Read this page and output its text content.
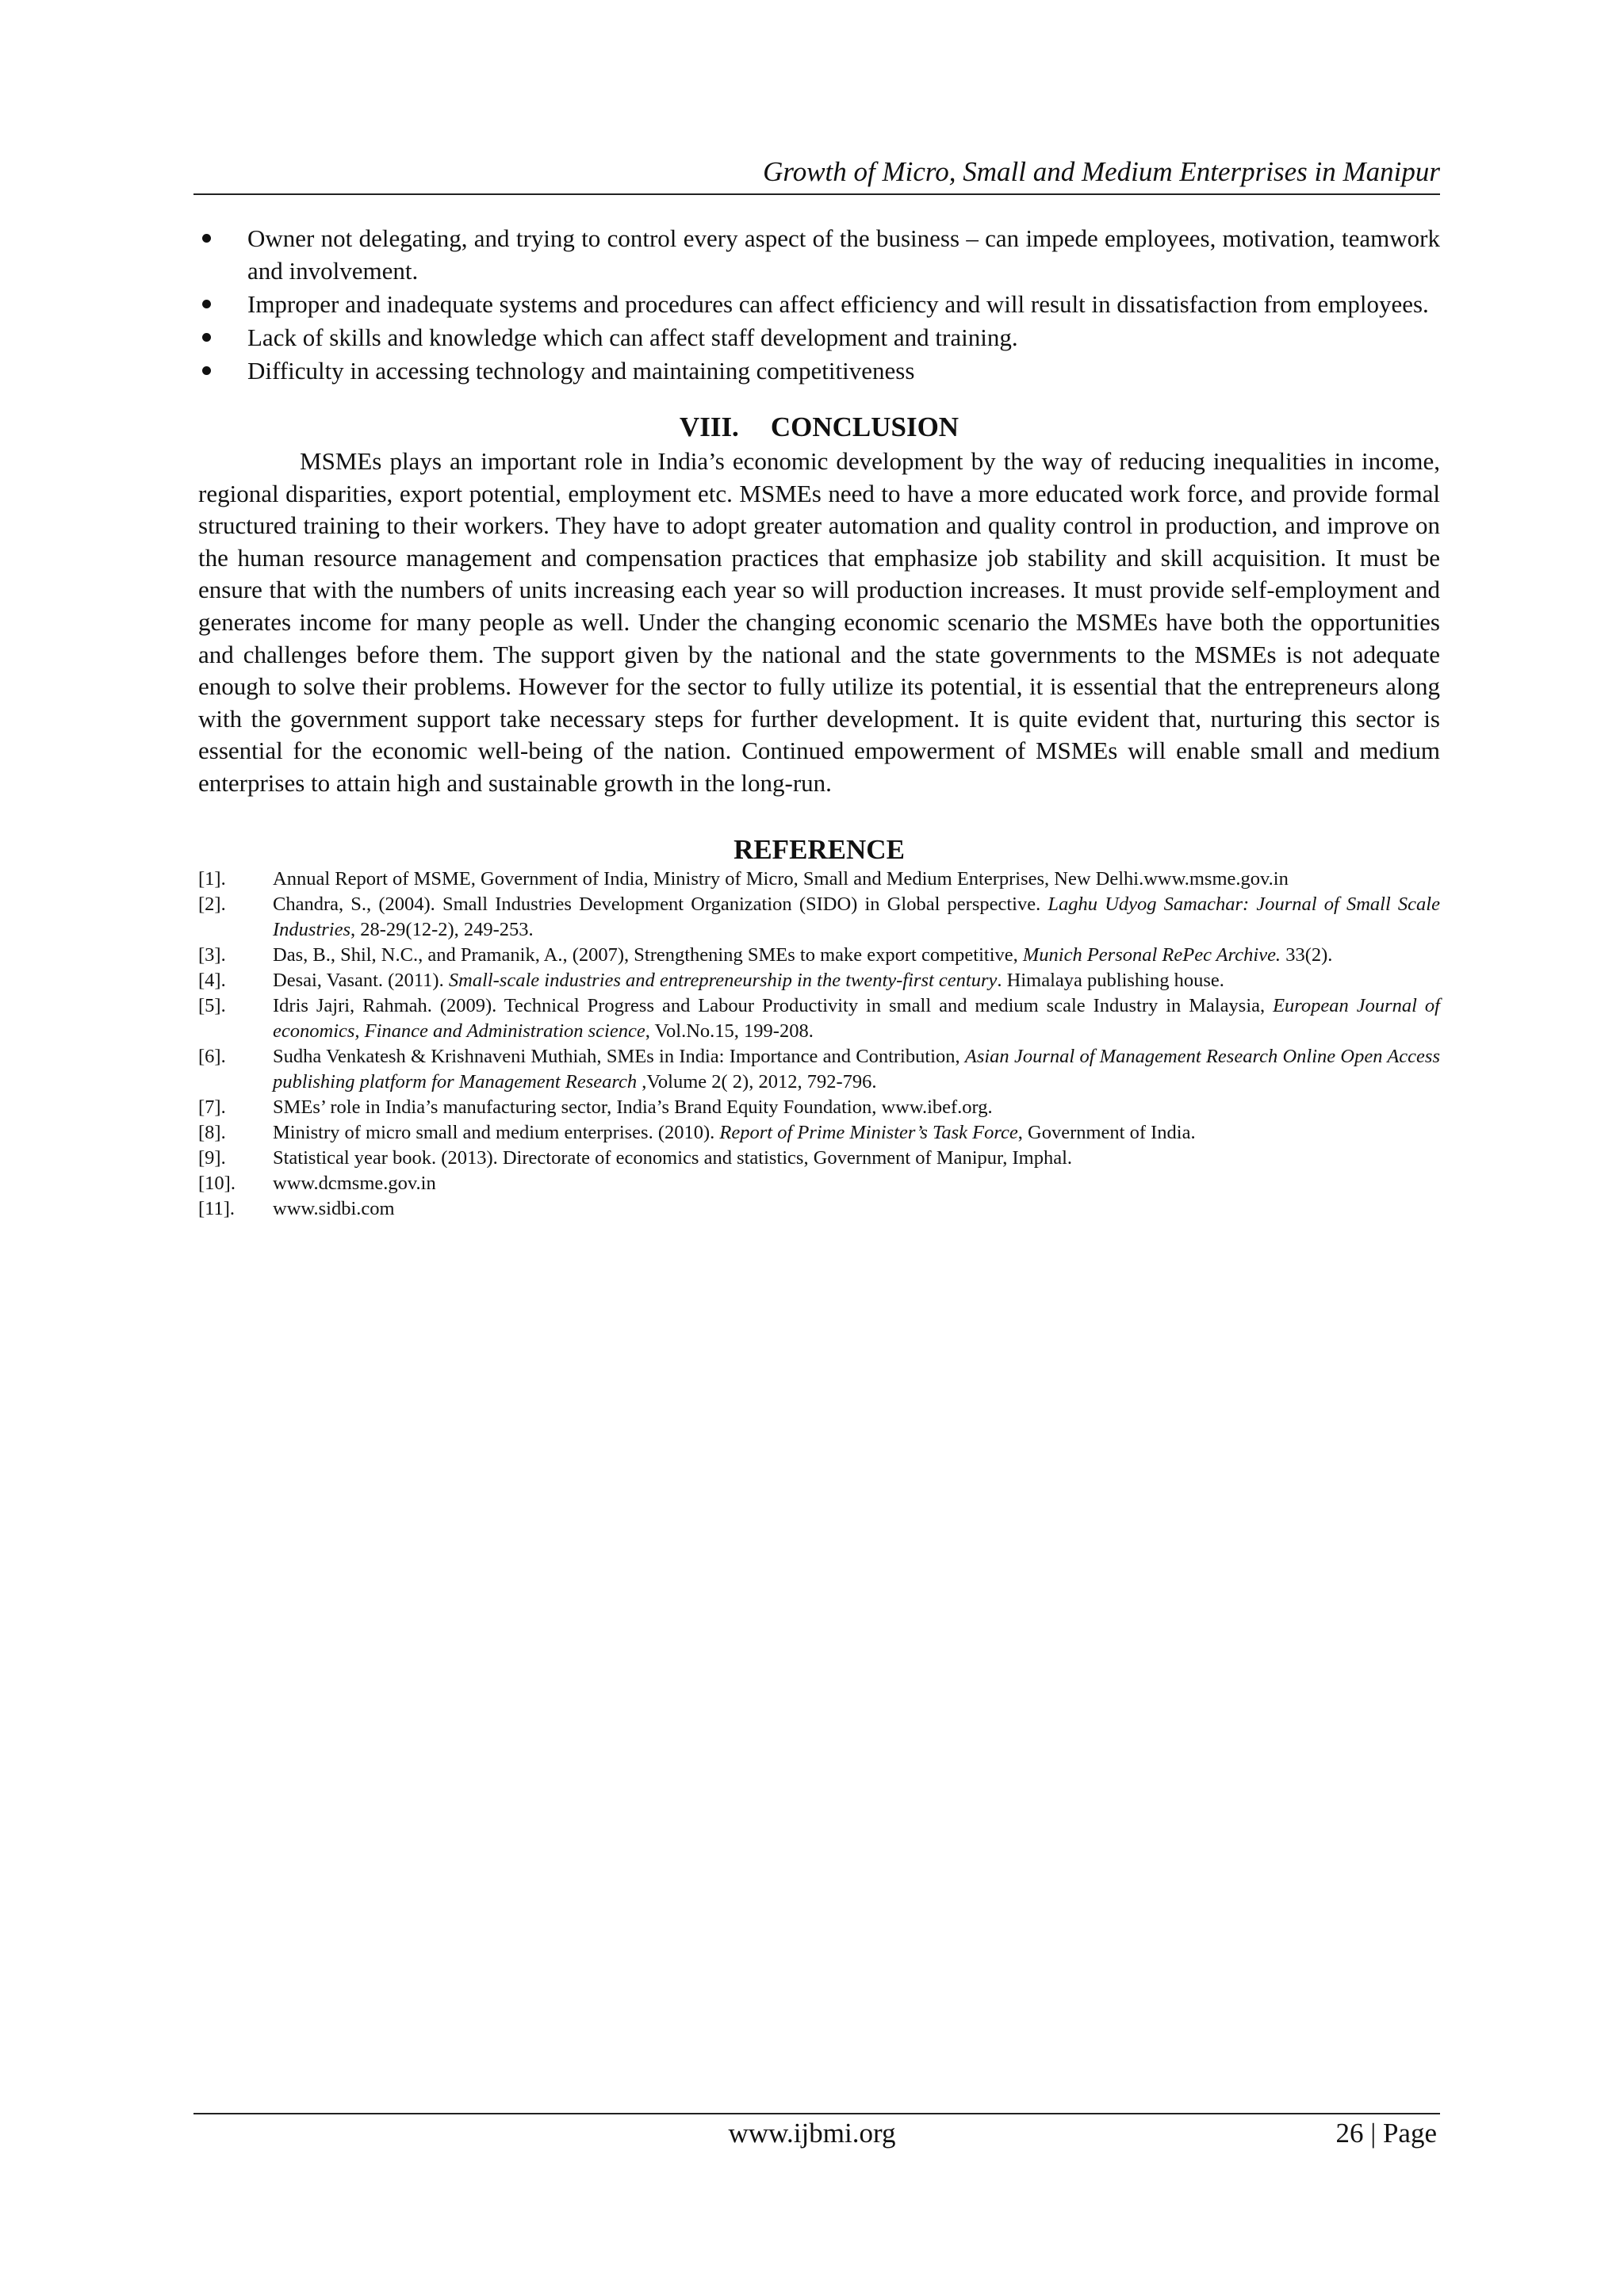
Growth of Micro, Small and Medium Enterprises in Manipur
Owner not delegating, and trying to control every aspect of the business – can impede employees, motivation, teamwork and involvement.
Improper and inadequate systems and procedures can affect efficiency and will result in dissatisfaction from employees.
Lack of skills and knowledge which can affect staff development and training.
Difficulty in accessing technology and maintaining competitiveness
VIII. CONCLUSION

MSMEs plays an important role in India’s economic development by the way of reducing inequalities in income, regional disparities, export potential, employment etc. MSMEs need to have a more educated work force, and provide formal structured training to their workers. They have to adopt greater automation and quality control in production, and improve on the human resource management and compensation practices that emphasize job stability and skill acquisition. It must be ensure that with the numbers of units increasing each year so will production increases. It must provide self-employment and generates income for many people as well. Under the changing economic scenario the MSMEs have both the opportunities and challenges before them. The support given by the national and the state governments to the MSMEs is not adequate enough to solve their problems. However for the sector to fully utilize its potential, it is essential that the entrepreneurs along with the government support take necessary steps for further development. It is quite evident that, nurturing this sector is essential for the economic well-being of the nation. Continued empowerment of MSMEs will enable small and medium enterprises to attain high and sustainable growth in the long-run.

REFERENCE
[1]. Annual Report of MSME, Government of India, Ministry of Micro, Small and Medium Enterprises, New Delhi.www.msme.gov.in
[2]. Chandra, S., (2004). Small Industries Development Organization (SIDO) in Global perspective. Laghu Udyog Samachar: Journal of Small Scale Industries, 28-29(12-2), 249-253.
[3]. Das, B., Shil, N.C., and Pramanik, A., (2007), Strengthening SMEs to make export competitive, Munich Personal RePec Archive. 33(2).
[4]. Desai, Vasant. (2011). Small-scale industries and entrepreneurship in the twenty-first century. Himalaya publishing house.
[5]. Idris Jajri, Rahmah. (2009). Technical Progress and Labour Productivity in small and medium scale Industry in Malaysia, European Journal of economics, Finance and Administration science, Vol.No.15, 199-208.
[6]. Sudha Venkatesh & Krishnaveni Muthiah, SMEs in India: Importance and Contribution, Asian Journal of Management Research Online Open Access publishing platform for Management Research ,Volume 2( 2), 2012, 792-796.
[7]. SMEs’ role in India’s manufacturing sector, India’s Brand Equity Foundation, www.ibef.org.
[8]. Ministry of micro small and medium enterprises. (2010). Report of Prime Minister’s Task Force, Government of India.
[9]. Statistical year book. (2013). Directorate of economics and statistics, Government of Manipur, Imphal.
[10]. www.dcmsme.gov.in
[11]. www.sidbi.com
www.ijbmi.org	26 | Page
